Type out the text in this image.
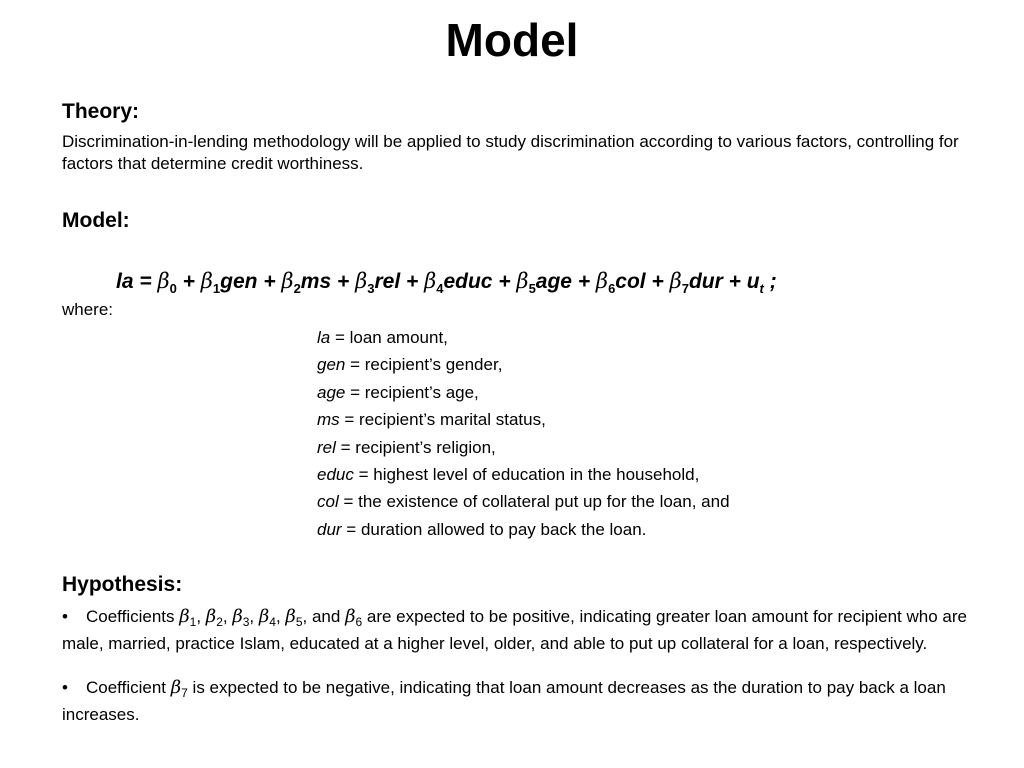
Model
Theory:
Discrimination-in-lending methodology will be applied to study discrimination according to various factors, controlling for factors that determine credit worthiness.
Model:
la = $\beta_0 + \beta_1gen + \beta_2ms + \beta_3rel$ + $\beta_4educ + \beta_5age + \beta_6col + \beta_7dur + u_t$ ;
where:
la = loan amount,
gen = recipient’s gender,
age = recipient’s age,
ms = recipient’s marital status,
rel = recipient’s religion,
educ = highest level of education in the household,
col = the existence of collateral put up for the loan, and
dur = duration allowed to pay back the loan.
Hypothesis:
• Coefficients $\beta_1$, $\beta_2$, $\beta_3$, $\beta_4$, $\beta_5$, and $\beta_6$ are expected to be positive, indicating greater loan amount for recipient who are male, married, practice Islam, educated at a higher level, older, and able to put up collateral for a loan, respectively.
• Coefficient $\beta_7$ is expected to be negative, indicating that loan amount decreases as the duration to pay back a loan increases.
